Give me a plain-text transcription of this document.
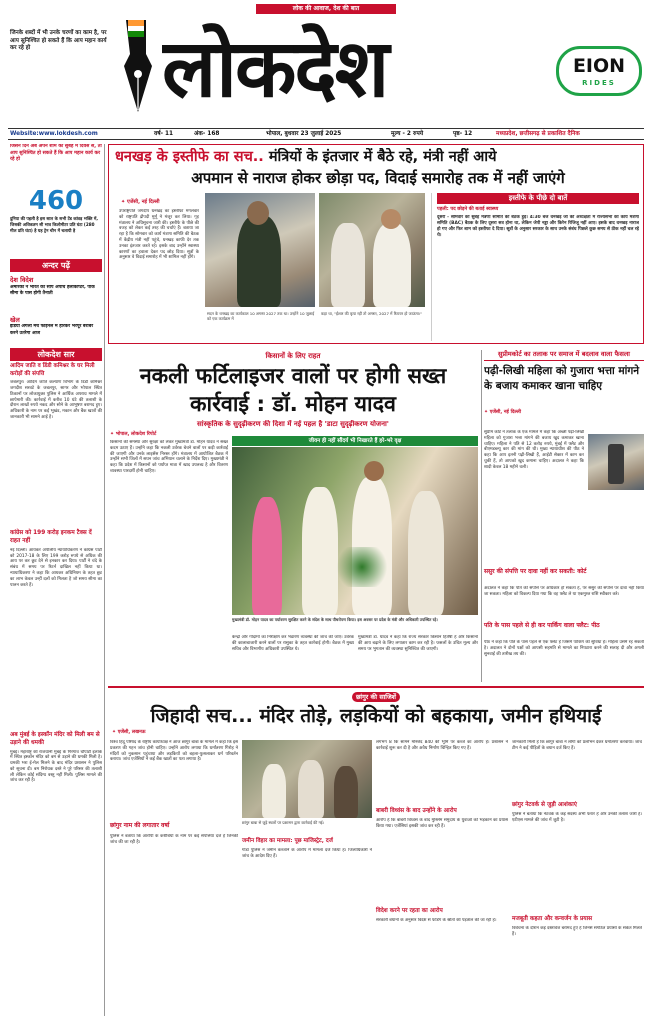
लोक की आवाज, देश की बात
लोकदेश
जिनके शब्दों में भी उनके चरणों का काम है, पर आप सुनिश्चित हो सकते हैं कि आप महान कार्य कर रहे हो
EION
RIDES
Website:www.lokdesh.com	वर्ष- 11	अंक- 168	भोपाल, बुधवार 23 जुलाई 2025	मूल्य - 2 रुपये	पृष्ठ- 12	मध्यप्रदेश, छत्तीसगढ़ से प्रकाशित दैनिक
जिसने दिन अब अपने शाम को सुबह में दिवस से, तो आप सुनिश्चित हो सकते हैं कि आप महान कार्य कर रहे हो
460
दुनिया की पहली है इस साल के सभी टेंड कांवड़ भक्ति में, जिसकी अधिकतम सी भाव किलोमीटर प्रति घंटा (280 मील प्रति घंटा) है यह ट्रेन चीन में चलायी है
अन्दर पढ़ें
देश विदेश
अमेरिका ने भारत को सौंपे अपाचे हेलीकॉप्टर, पाक सीमा के पास होगी तैनाती
खेल
इंडिया अगला मैच फाइनल में हारकर भरपूर बराबर करने उतरेगा आज
लोकदेश सार
आदिम जाति व डिंडी कमिश्नर के घर मिली करोड़ों की संपत्ति
जबलपुर। आदिम जाति कल्याण विभाग के डिंडी कमिश्नर जगदीश सरवटे के जबलपुर, सागर और भोपाल स्थित ठिकानों पर लोकायुक्त पुलिस ने आर्थिक अपराध मामले में छापेमारी की। कार्रवाई में करीब 10 घंटे की तलाशी के दौरान लाखों रुपये नकद और सोने के आभूषण बरामद हुए। अधिकारी के नाम पर कई भूखंड, मकान और बैंक खातों की जानकारी भी सामने आई है।
कांग्रेस को 199 करोड़ इनकम टैक्स दें राहत नहीं
नई दिल्ली। आयकर अपीलीय न्यायाधिकरण ने कांग्रेस पार्टी को 2017-18 के लिए 199 करोड़ रुपये से अधिक की आय पर कर छूट देने से इनकार कर दिया। पार्टी ने चंदे के संबंध में समय पर रिटर्न दाखिल नहीं किया था। न्यायाधिकरण ने कहा कि आयकर अधिनियम के तहत छूट का लाभ केवल उन्हीं दलों को मिलता है जो समय सीमा का पालन करते हैं।
अब मुंबई के इस्कॉन मंदिर को मिली बम से उड़ाने की धमकी
मुंबई। महाराष्ट्र की राजधानी मुंबई के गिरगांव चौपाटी इलाके में स्थित इस्कॉन मंदिर को बम से उड़ाने की धमकी मिली है। धमकी भरा ई-मेल मिलने के बाद मंदिर प्रशासन ने पुलिस को सूचना दी। बम निरोधक दस्ते ने पूरे परिसर की तलाशी ली लेकिन कोई संदिग्ध वस्तु नहीं मिली। पुलिस मामले की जांच कर रही है।
धनखड़ के इस्तीफे का सच.. मंत्रियों के इंतजार में बैठे रहे, मंत्री नहीं आये
अपमान से नाराज होकर छोड़ा पद, विदाई समारोह तक में नहीं जाएंगे
✦ एजेंसी, नई दिल्ली
उपराष्ट्रपति जगदीप धनखड़ का इस्तीफा मंगलवार को राष्ट्रपति द्रौपदी मुर्मू ने मंजूर कर लिया। गृह मंत्रालय ने अधिसूचना जारी की। इस्तीफे के पीछे की वजह को लेकर कई तरह की चर्चाएं हैं। बताया जा रहा है कि सोमवार को कार्य मंत्रणा समिति की बैठक में केंद्रीय मंत्री नहीं पहुंचे, धनखड़ काफी देर तक उनका इंतजार करते रहे। इसके बाद उन्होंने स्वास्थ्य कारणों का हवाला देकर पद छोड़ दिया। सूत्रों के अनुसार वे विदाई समारोह में भी शामिल नहीं होंगे।
सदन के धनखड़ का कार्यकाल 10 अगस्त 2027 तक था। उन्होंने 10 जुलाई को एक कार्यक्रम में
कहा था, "ईश्वर की कृपा रही तो अगस्त, 2027 में रिटायर हो जाऊंगा।"
इस्तीफे के पीछे दो बातें
पहली: पद छोड़ने की बताई स्वास्थ्य
दूसरी - सोमवार को सुबह मंत्रणा समिति की बैठक हुई। 4:30 बजे धनखड़ जी की अध्यक्षता में राज्यसभा की कार्य मंत्रणा समिति (BAC) बैठक के लिए दूसरा सत्र होना था, लेकिन जेपी नड्डा और किरेन रिजिजू नहीं आए। इसके बाद धनखड़ नाराज हो गए और फिर शाम को इस्तीफा दे दिया। सूत्रों के अनुसार सरकार के साथ उनके संबंध पिछले कुछ समय से ठीक नहीं चल रहे थे।
किसानों के लिए राहत
नकली फर्टिलाइजर वालों पर होगी सख्त कार्रवाई : डॉ. मोहन यादव
सांस्कृतिक के सुदृढ़ीकरण की दिशा में नई पहल है 'डाटा सुदृढ़ीकरण योजना'
✦ भोपाल, लोकदेश रिपोर्ट
किसानों की समस्या और सुरक्षा को लेकर मुख्यमंत्री डॉ. मोहन यादव ने सख्त कदम उठाए हैं। उन्होंने कहा कि नकली उर्वरक बेचने वालों पर कड़ी कार्रवाई की जाएगी और उनके लाइसेंस निरस्त होंगे। मंत्रालय में आयोजित बैठक में उन्होंने सभी जिलों में सघन जांच अभियान चलाने के निर्देश दिए। मुख्यमंत्री ने कहा कि प्रदेश में किसानों को पर्याप्त मात्रा में खाद उपलब्ध है और वितरण व्यवस्था पारदर्शी होनी चाहिए।
जीवन ही नहीं सौंदर्य भी निखारते हैं हरे-भरे वृक्ष
मुख्यमंत्री डॉ. मोहन यादव का पर्यावरण सुरक्षित करने के संदेश के साथ पौधरोपण किया। इस अवसर पर प्रदेश के मंत्री और अधिकारी उपस्थित रहे।
केन्द्रों और गोदामों का निरीक्षण कर भंडारण व्यवस्था की जांच की जाए। उर्वरक की कालाबाजारी करने वालों पर रासुका के तहत कार्रवाई होगी। बैठक में मुख्य सचिव और विभागीय अधिकारी उपस्थित थे।
मुख्यमंत्री डॉ. यादव ने कहा कि राज्य सरकार किसान हितैषी है और किसानों की आय बढ़ाने के लिए लगातार काम कर रही है। फसलों के उचित मूल्य और समय पर भुगतान की व्यवस्था सुनिश्चित की जाएगी।
सुप्रीमकोर्ट का तलाक पर समाज में बदलाव वाला फैसला
पढ़ी-लिखी महिला को गुजारा भत्ता मांगने के बजाय कमाकर खाना चाहिए
✦ एजेंसी, नई दिल्ली
सुप्रीम कोर्ट ने तलाक के एक मामले में कहा कि अच्छी पढ़ी-लिखी महिला को गुजारा भत्ता मांगने की बजाय खुद कमाकर खाना चाहिए। महिला ने पति से 12 करोड़ रुपये, मुंबई में फ्लैट और बीएमडब्ल्यू कार की मांग की थी। मुख्य न्यायाधीश की पीठ ने कहा कि आप इतनी पढ़ी-लिखी हैं, आईटी सेक्टर में काम कर चुकी हैं, तो आपको खुद कमाना चाहिए। अदालत ने कहा कि शादी केवल 18 महीने चली।
ससुर की संपत्ति पर दावा नहीं कर सकती: कोर्ट
अदालत ने कहा कि पति की संपत्ति पर अधिकार हो सकता है, पर ससुर की संपत्ति पर दावा नहीं किया जा सकता। महिला को विकल्प दिया गया कि वह फ्लैट ले या एकमुश्त राशि स्वीकार करे।
पति के पास पहले से ही कर पार्किंग वाला फ्लैट: पीठ
पीठ ने कहा कि पति के पास पहले से एक फ्लैट है जिसमें पार्किंग की सुविधा है। महिला उसमें रह सकती है। अदालत ने दोनों पक्षों को आपसी सहमति से मामले का निपटारा करने की सलाह दी और अगली सुनवाई की तारीख तय की।
छांगुर की साजिशें
जिहादी सच... मंदिर तोड़े, लड़कियों को बहकाया, जमीन हथियाई
✦ एजेंसी, लखनऊ
विश्व हिंदू परिषद के राष्ट्रीय कार्याध्यक्ष ने आज छांगुर बाबा के मामले में कहा कि इस प्रकरण की गहन जांच होनी चाहिए। उन्होंने आरोप लगाया कि धर्मांतरण गिरोह ने मंदिरों को नुकसान पहुंचाया और लड़कियों को बहला-फुसलाकर धर्म परिवर्तन कराया। जांच एजेंसियों ने कई बैंक खातों का पता लगाया है।
छांगुर नाम की लगातार वर्षा
पुलिस ने बताया कि आरोपी के करीबियों के नाम पर कई संपत्तियां दर्ज हैं जिनकी जांच की जा रही है।
छांगुर बाबा से जुड़े स्थलों पर प्रशासन द्वारा कार्रवाई की गई।
जमीन विहार का मामला: पूछ माजिस्ट्रेट, दर्ज
गोंडा पुलिस ने जमीन कब्जाने के आरोप में मामला दर्ज किया है। जिलाधिकारी ने जांच के आदेश दिए हैं।
लगभग 8 कि सामने मस्जिद 840 की भूमि पर कब्जे का आरोप है। प्रशासन ने कार्रवाई शुरू कर दी है और अवैध निर्माण चिन्हित किए गए हैं।
बाबरी विध्वंस के बाद उन्होंने के आरोप
आरोप है कि बाबरी विध्वंस के बाद मुस्लिम समुदाय के युवाओं को भड़काने का प्रयास किया गया। एजेंसियां इसकी जांच कर रही हैं।
विदेश करने पर रहता का आरोप
सरकारी बयानों के अनुसार विदेश से फंडिंग के स्रोतों की पड़ताल की जा रही है।
जानकारी मिली है कि छांगुर बाबा ने लोगों को प्रलोभन देकर धर्मांतरण करवाया। जांच टीम ने कई पीड़ितों के बयान दर्ज किए हैं।
छांगुर नेटवर्क से जुड़ी आशंकाएं
पुलिस ने बताया कि नेटवर्क के कई सदस्य अभी फरार हैं और उनकी तलाश जारी है। एटीएस मामले की जांच में जुटी है।
मजबूती कहता और कन्वर्जन के प्रयास
विवेचना के दौरान कई दस्तावेज बरामद हुए हैं जिनसे संगठित प्रयासों के संकेत मिलते हैं।
